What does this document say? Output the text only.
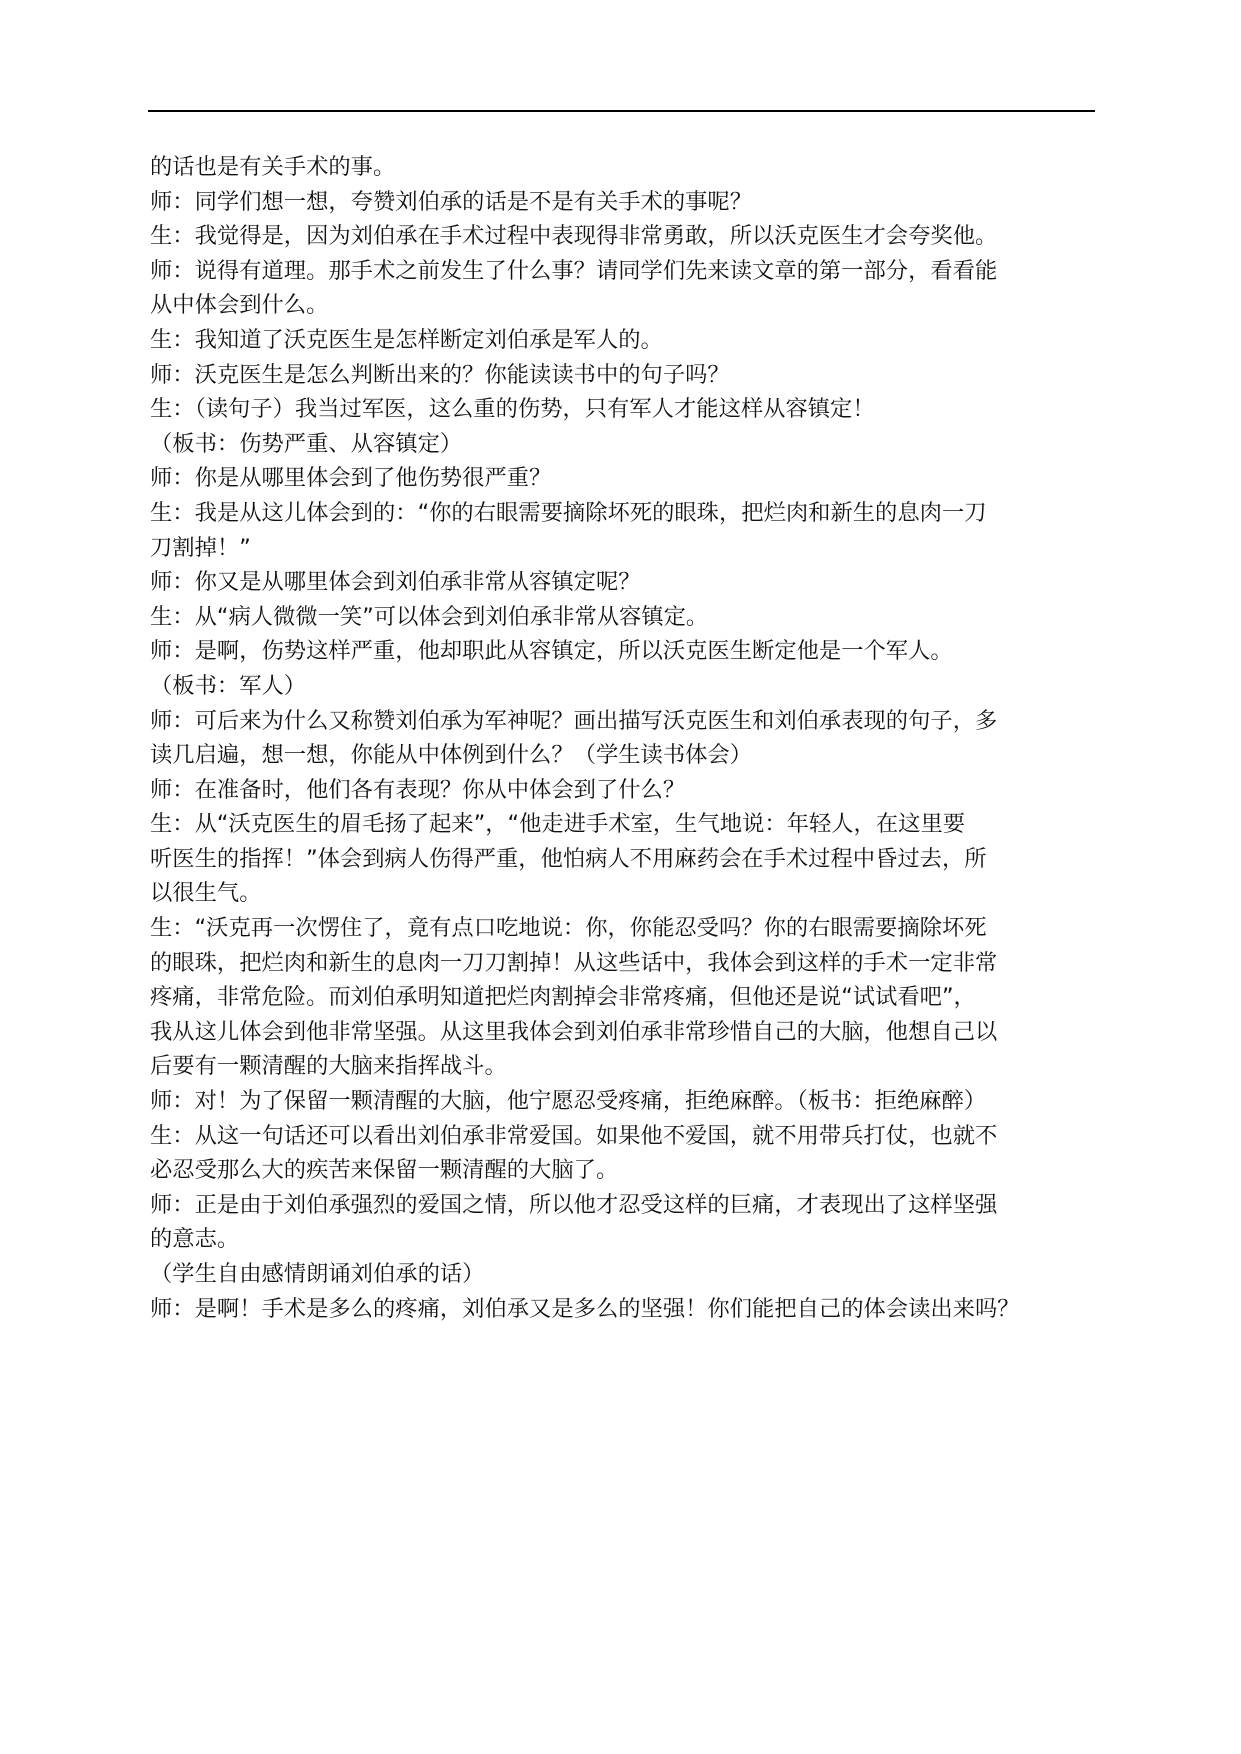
的话也是有关手术的事。

师：同学们想一想，夸赞刘伯承的话是不是有关手术的事呢？

生：我觉得是，因为刘伯承在手术过程中表现得非常勇敢，所以沃克医生才会夸奖他。

师：说得有道理。那手术之前发生了什么事？请同学们先来读文章的第一部分，看看能

从中体会到什么。

生：我知道了沃克医生是怎样断定刘伯承是军人的。

师：沃克医生是怎么判断出来的？你能读读书中的句子吗？

生：（读句子）我当过军医，这么重的伤势，只有军人才能这样从容镇定！

（板书：伤势严重、从容镇定）

师：你是从哪里体会到了他伤势很严重？

生：我是从这儿体会到的：“你的右眼需要摘除坏死的眼珠，把烂肉和新生的息肉一刀

刀割掉！”

师：你又是从哪里体会到刘伯承非常从容镇定呢？

生：从“病人微微一笑”可以体会到刘伯承非常从容镇定。

师：是啊，伤势这样严重，他却职此从容镇定，所以沃克医生断定他是一个军人。

（板书：军人）

师：可后来为什么又称赞刘伯承为军神呢？画出描写沃克医生和刘伯承表现的句子，多

读几启遍，想一想，你能从中体例到什么？（学生读书体会）

师：在准备时，他们各有表现？你从中体会到了什么？

生：从“沃克医生的眉毛扬了起来”，“他走进手术室，生气地说：年轻人，在这里要

听医生的指挥！”体会到病人伤得严重，他怕病人不用麻药会在手术过程中昏过去，所

以很生气。

生：“沃克再一次愣住了，竟有点口吃地说：你，你能忍受吗？你的右眼需要摘除坏死

的眼珠，把烂肉和新生的息肉一刀刀割掉！从这些话中，我体会到这样的手术一定非常

疼痛，非常危险。而刘伯承明知道把烂肉割掉会非常疼痛，但他还是说“试试看吧”，

我从这儿体会到他非常坚强。从这里我体会到刘伯承非常珍惜自己的大脑，他想自己以

后要有一颗清醒的大脑来指挥战斗。

师：对！为了保留一颗清醒的大脑，他宁愿忍受疼痛，拒绝麻醉。（板书：拒绝麻醉）

生：从这一句话还可以看出刘伯承非常爱国。如果他不爱国，就不用带兵打仗，也就不

必忍受那么大的疾苦来保留一颗清醒的大脑了。

师：正是由于刘伯承强烈的爱国之情，所以他才忍受这样的巨痛，才表现出了这样坚强

的意志。

（学生自由感情朗诵刘伯承的话）

师：是啊！手术是多么的疼痛，刘伯承又是多么的坚强！你们能把自己的体会读出来吗？
